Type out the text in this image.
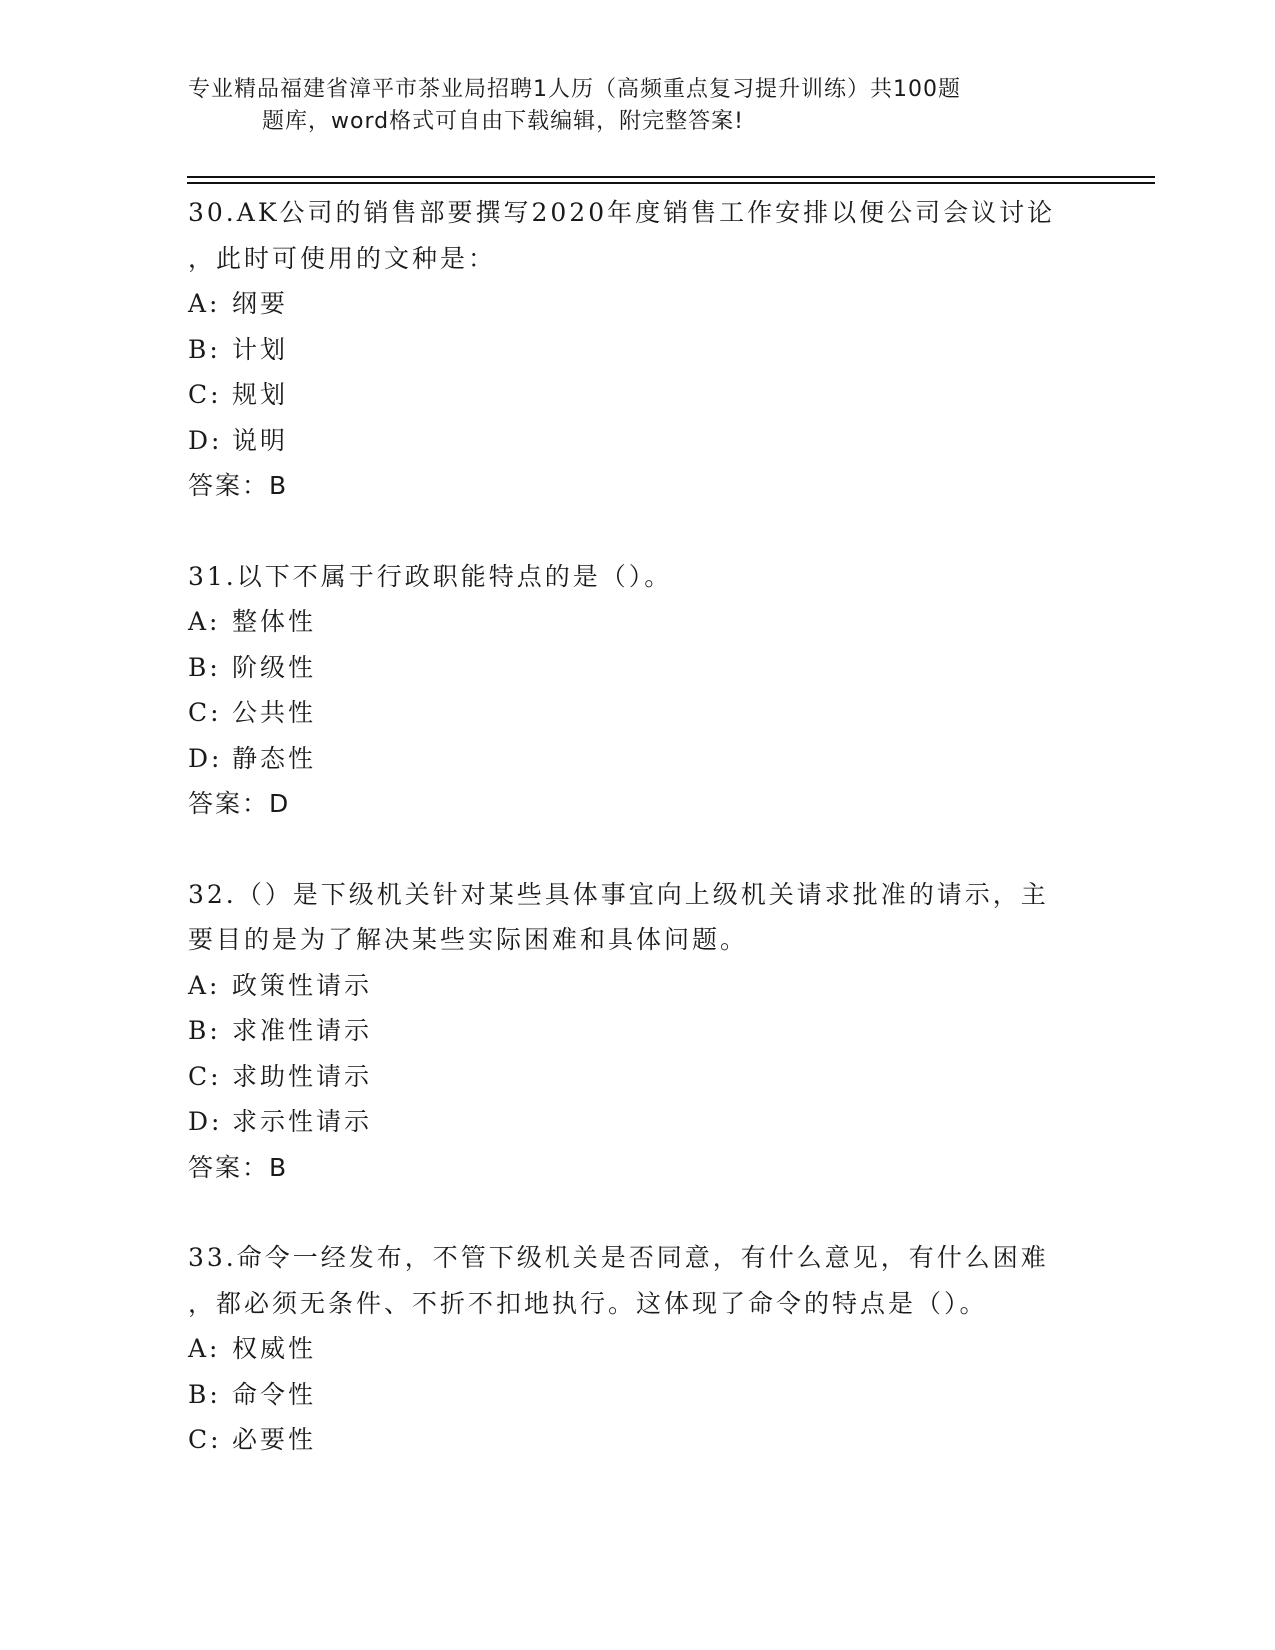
专业精品福建省漳平市茶业局招聘1人历（高频重点复习提升训练）共100题
题库，word格式可自由下载编辑，附完整答案!
30.AK公司的销售部要撰写2020年度销售工作安排以便公司会议讨论
，此时可使用的文种是：
A: 纲要
B: 计划
C: 规划
D: 说明
答案：B
31.以下不属于行政职能特点的是（）。
A: 整体性
B: 阶级性
C: 公共性
D: 静态性
答案：D
32.（）是下级机关针对某些具体事宜向上级机关请求批准的请示，主
要目的是为了解决某些实际困难和具体问题。
A: 政策性请示
B: 求准性请示
C: 求助性请示
D: 求示性请示
答案：B
33.命令一经发布，不管下级机关是否同意，有什么意见，有什么困难
，都必须无条件、不折不扣地执行。这体现了命令的特点是（）。
A: 权威性
B: 命令性
C: 必要性
